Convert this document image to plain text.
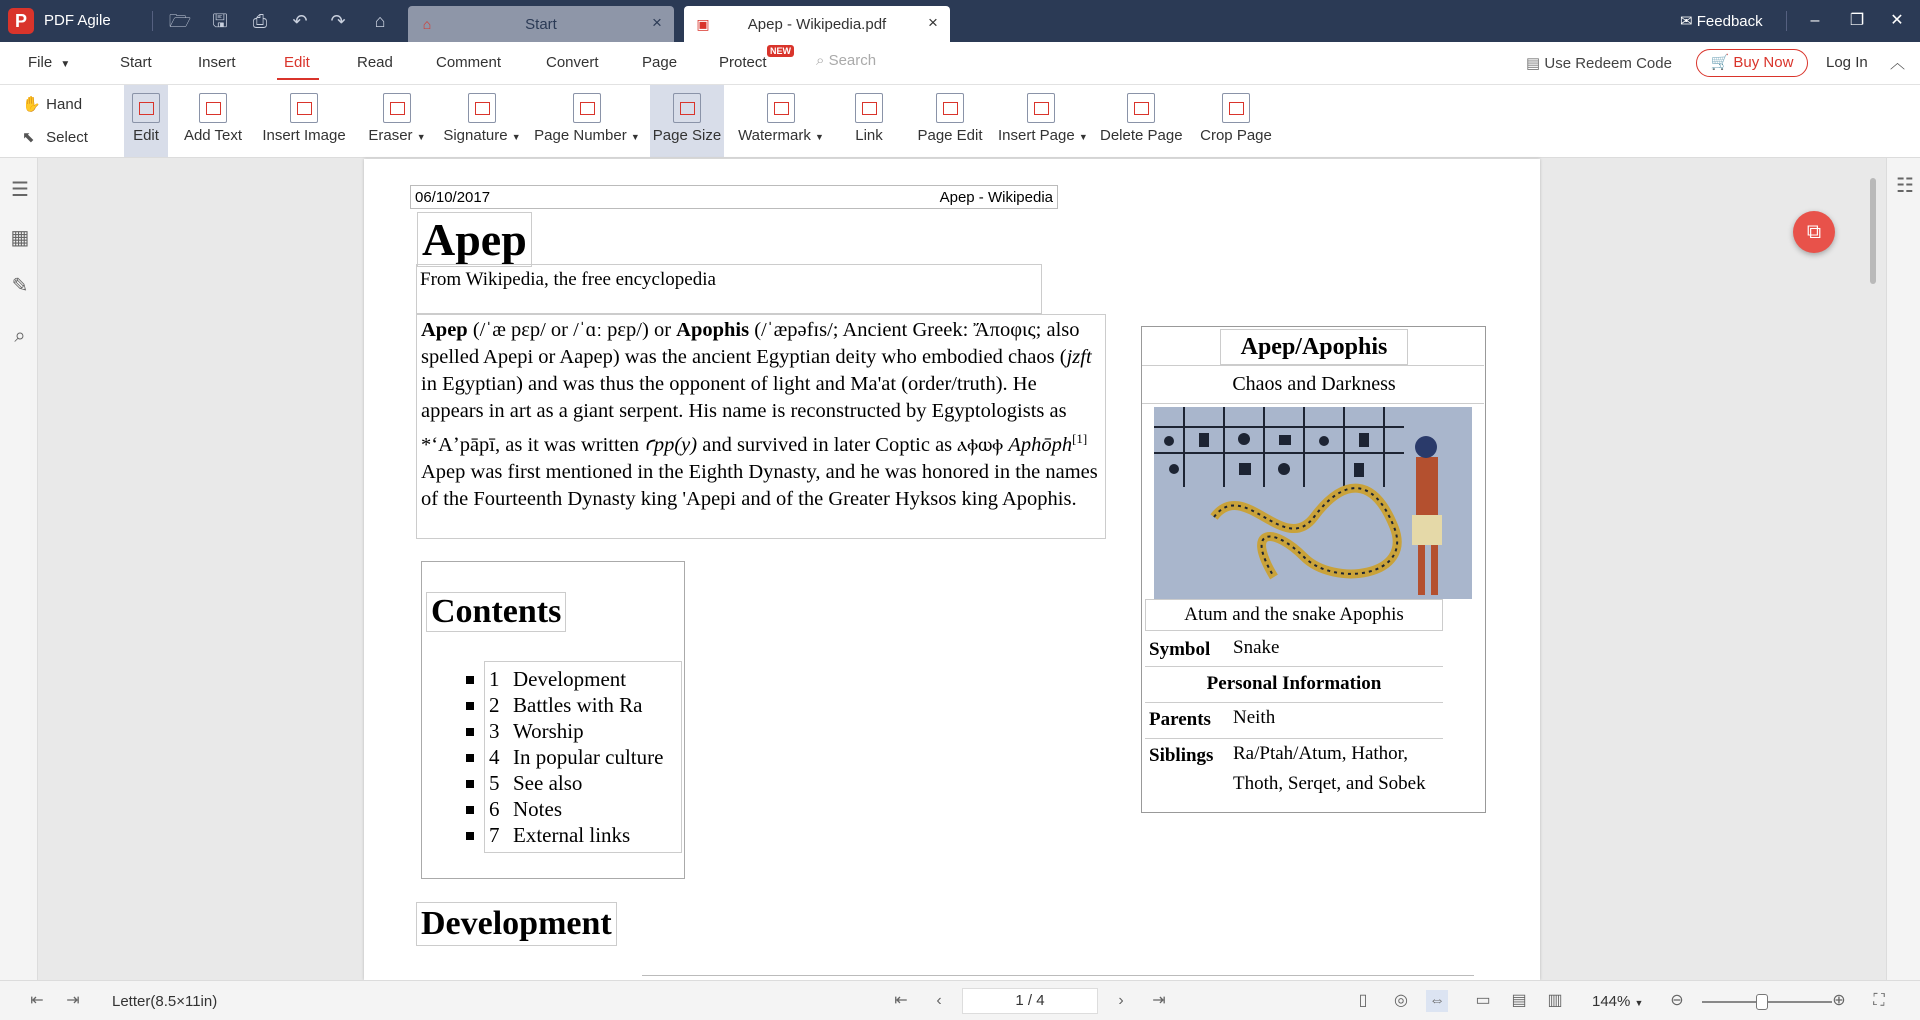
P	PDF Agile	🗁 🖫 ⎙ ↶ ↷	⌂	⌂	Start	× ▣	Apep - Wikipedia.pdf	×	✉ Feedback	–	❐	✕
File ▼	Start	Insert	Edit	Read	Comment	Convert	Page	Protect
NEW
⌕ Search	▤ Use Redeem Code	🛒 Buy Now	Log In ︿
✋ Hand
⬉ Select	Edit	Add Text	Insert Image Eraser ▼ Signature ▼ Page Number ▼ Page Size Watermark ▼	Link	Page Edit Insert Page ▼ Delete Page Crop Page
☰
▦
✎
⌕
☷
06/10/2017	Apep - Wikipedia
Apep
From Wikipedia, the free encyclopedia
Apep (/ˈæ pɛp/ or /ˈɑː pɛp/) or Apophis (/ˈæpəfɪs/; Ancient Greek: Ἄποφις; also spelled Apepi or Aapep) was the ancient Egyptian deity who embodied chaos (jzft in Egyptian) and was thus the opponent of light and Ma'at (order/truth). He appears in art as a giant serpent. His name is reconstructed by Egyptologists as *ʻAʼpāpī, as it was written ꜥpp(y) and survived in later Coptic as ⲁⲫⲱⲫ Aphōph[1] Apep was first mentioned in the Eighth Dynasty, and he was honored in the names of the Fourteenth Dynasty king 'Apepi and of the Greater Hyksos king Apophis.
Contents
1 Development
2 Battles with Ra
3 Worship
4 In popular culture
5 See also
6 Notes
7 External links
Development
Apep/Apophis
Chaos and Darkness
Atum and the snake Apophis
Symbol Snake
Personal Information
Parents Neith
Siblings Ra/Ptah/Atum, Hathor, Thoth, Serqet, and Sobek
⧉
⇤ ⇥ Letter(8.5×11in)	⇤	‹	1 / 4	›	⇥	▯	◎ ⇔ ▭ ▤ ▥ 144% ▼ ⊖	⊕	⛶
